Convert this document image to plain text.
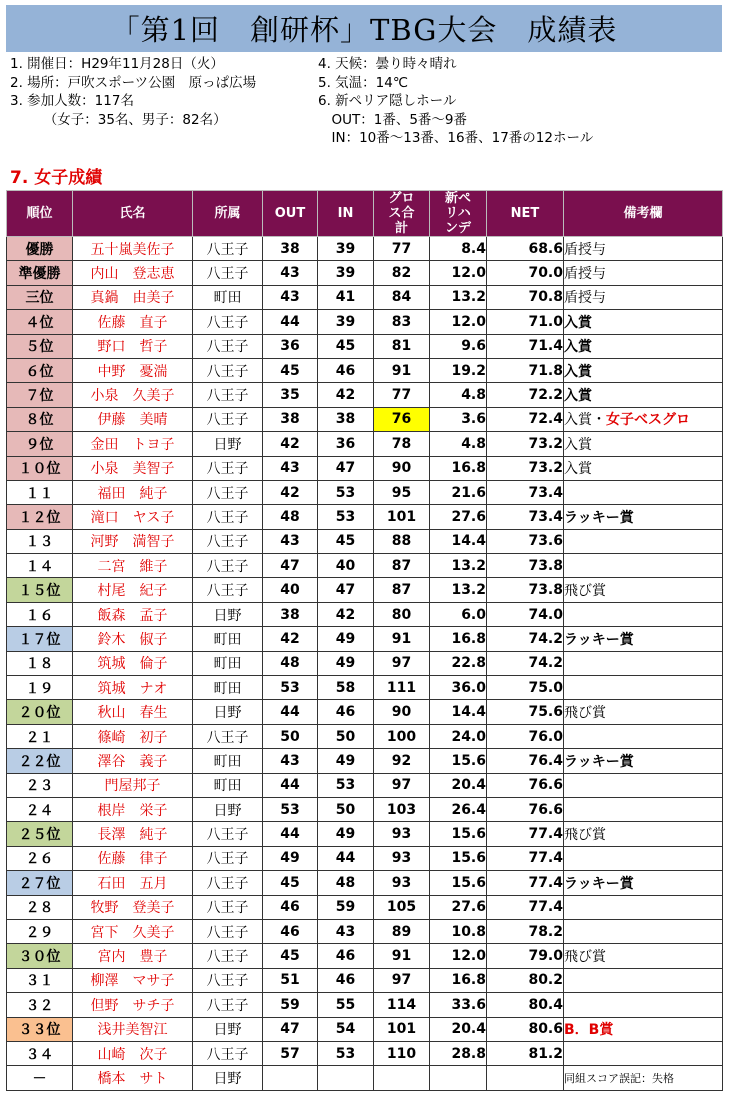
「第1回　創研杯」TBG大会　成績表
1. 開催日：H29年11月28日（火）
2. 場所：戸吹スポーツ公園　原っぱ広場
3. 参加人数：117名
　　　（女子：35名、男子：82名）
4. 天候：曇り時々晴れ
5. 気温：14℃
6. 新ペリア隠しホール
　OUT：1番、5番～9番
　IN：10番～13番、16番、17番の12ホール
7. 女子成績
順位	氏名	所属	OUT	IN	グロス合計	新ペリハンデ	NET	備考欄
優勝	五十嵐美佐子	八王子	38	39	77	8.4	68.6	盾授与
準優勝	内山　登志恵	八王子	43	39	82	12.0	70.0	盾授与
三位	真鍋　由美子	町田	43	41	84	13.2	70.8	盾授与
４位	佐藤　直子	八王子	44	39	83	12.0	71.0	入賞
５位	野口　哲子	八王子	36	45	81	9.6	71.4	入賞
６位	中野　憂湍	八王子	45	46	91	19.2	71.8	入賞
７位	小泉　久美子	八王子	35	42	77	4.8	72.2	入賞
８位	伊藤　美晴	八王子	38	38	76	3.6	72.4	入賞・女子ベスグロ
９位	金田　トヨ子	日野	42	36	78	4.8	73.2	入賞
１０位	小泉　美智子	八王子	43	47	90	16.8	73.2	入賞
１１	福田　純子	八王子	42	53	95	21.6	73.4	
１２位	滝口　ヤス子	八王子	48	53	101	27.6	73.4	ラッキー賞
１３	河野　満智子	八王子	43	45	88	14.4	73.6	
１４	二宮　維子	八王子	47	40	87	13.2	73.8	
１５位	村尾　紀子	八王子	40	47	87	13.2	73.8	飛び賞
１６	飯森　孟子	日野	38	42	80	6.0	74.0	
１７位	鈴木　俶子	町田	42	49	91	16.8	74.2	ラッキー賞
１８	筑城　倫子	町田	48	49	97	22.8	74.2	
１９	筑城　ナオ	町田	53	58	111	36.0	75.0	
２０位	秋山　春生	日野	44	46	90	14.4	75.6	飛び賞
２１	篠崎　初子	八王子	50	50	100	24.0	76.0	
２２位	澤谷　義子	町田	43	49	92	15.6	76.4	ラッキー賞
２３	門屋邦子	町田	44	53	97	20.4	76.6	
２４	根岸　栄子	日野	53	50	103	26.4	76.6	
２５位	長澤　純子	八王子	44	49	93	15.6	77.4	飛び賞
２６	佐藤　律子	八王子	49	44	93	15.6	77.4	
２７位	石田　五月	八王子	45	48	93	15.6	77.4	ラッキー賞
２８	牧野　登美子	八王子	46	59	105	27.6	77.4	
２９	宮下　久美子	八王子	46	43	89	10.8	78.2	
３０位	宮内　豊子	八王子	45	46	91	12.0	79.0	飛び賞
３１	柳澤　マサ子	八王子	51	46	97	16.8	80.2	
３２	但野　サチ子	八王子	59	55	114	33.6	80.4	
３３位	浅井美智江	日野	47	54	101	20.4	80.6	B．B賞
３４	山崎　次子	八王子	57	53	110	28.8	81.2	
－	橋本　サト	日野						同組スコア誤記：失格
